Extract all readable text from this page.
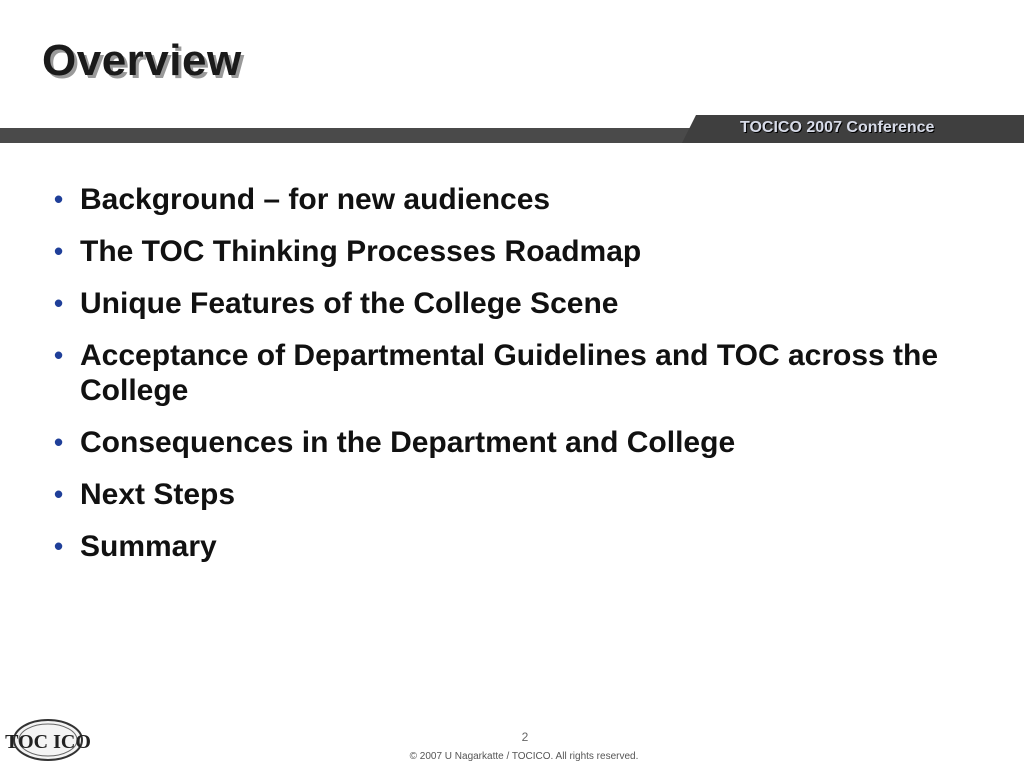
Overview
TOCICO 2007 Conference
• Background – for new audiences
• The TOC Thinking Processes Roadmap
• Unique Features of the College Scene
• Acceptance of Departmental Guidelines and TOC across the College
• Consequences in the Department and College
• Next Steps
• Summary
TOC ICO	2
© 2007 U Nagarkatte / TOCICO. All rights reserved.
